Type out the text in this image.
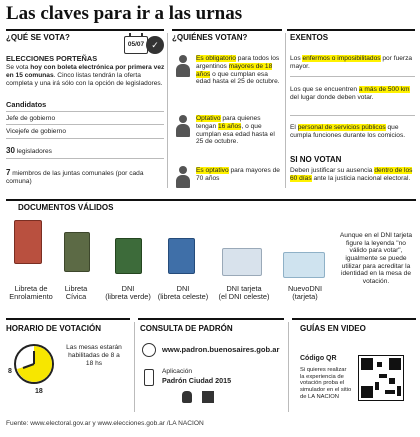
Las claves para ir a las urnas
¿QUÉ SE VOTA?
05/07 ✓
ELECCIONES PORTEÑAS
Se vota hoy con boleta electrónica por primera vez en 15 comunas. Cinco listas tendrán la oferta completa y una irá sólo con la opción de legisladores.
Candidatos
Jefe de gobierno
Vicejefe de gobierno
30 legisladores
7 miembros de las juntas comunales (por cada comuna)
¿QUIÉNES VOTAN?
Es obligatorio para todos los argentinos mayores de 18 años o que cumplan esa edad hasta el 25 de octubre.
Optativo para quienes tengan 16 años, o que cumplan esa edad hasta el 25 de octubre.
Es optativo para mayores de 70 años
EXENTOS
Los enfermos o imposibilitados por fuerza mayor.
Los que se encuentren a más de 500 km del lugar donde deben votar.
El personal de servicios públicos que cumpla funciones durante los comicios.
SI NO VOTAN
Deben justificar su ausencia dentro de los 60 días ante la justicia nacional electoral.
DOCUMENTOS VÁLIDOS
Libreta de
Enrolamiento
Libreta
Cívica
DNI
(libreta verde)
DNI
(libreta celeste)
DNI tarjeta
(el DNI celeste)
NuevoDNI
(tarjeta)
Aunque en el DNI tarjeta figure la leyenda "no válido para votar", igualmente se puede utilizar para acreditar la identidad en la mesa de votación.
HORARIO DE VOTACIÓN
8
18
Las mesas estarán habilitadas de 8 a 18 hs
CONSULTA DE PADRÓN
www.padron.buenosaires.gob.ar
Aplicación
Padrón Ciudad 2015
GUÍAS EN VIDEO
Código QR
Si quieres realizar la experiencia de votación proba el simulador en el sitio de LA NACION
Fuente: www.electoral.gov.ar y www.elecciones.gob.ar /LA NACION
